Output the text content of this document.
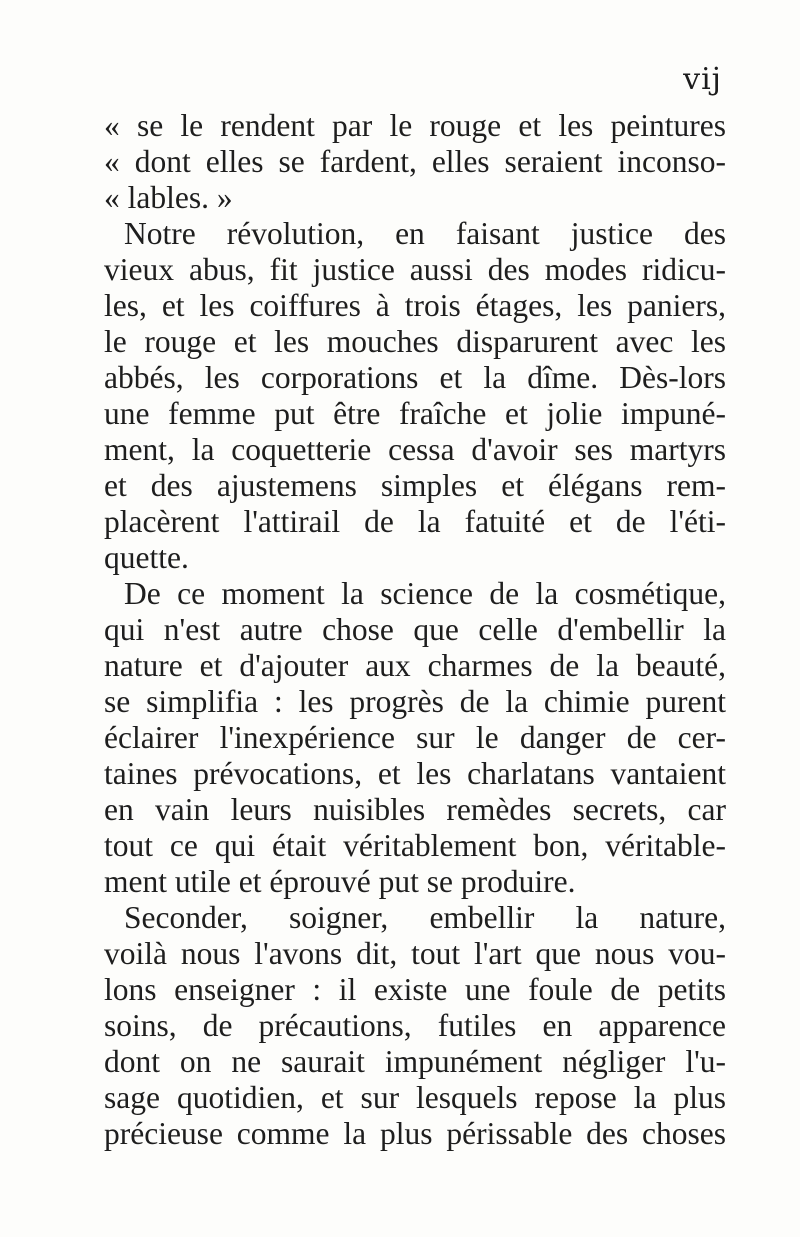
vij
« se le rendent par le rouge et les peintures
« dont elles se fardent, elles seraient inconso-
« lables. »
Notre révolution, en faisant justice des
vieux abus, fit justice aussi des modes ridicu-
les, et les coiffures à trois étages, les paniers,
le rouge et les mouches disparurent avec les
abbés, les corporations et la dîme. Dès-lors
une femme put être fraîche et jolie impuné-
ment, la coquetterie cessa d'avoir ses martyrs
et des ajustemens simples et élégans rem-
placèrent l'attirail de la fatuité et de l'éti-
quette.
De ce moment la science de la cosmétique,
qui n'est autre chose que celle d'embellir la
nature et d'ajouter aux charmes de la beauté,
se simplifia : les progrès de la chimie purent
éclairer l'inexpérience sur le danger de cer-
taines prévocations, et les charlatans vantaient
en vain leurs nuisibles remèdes secrets, car
tout ce qui était véritablement bon, véritable-
ment utile et éprouvé put se produire.
Seconder, soigner, embellir la nature,
voilà nous l'avons dit, tout l'art que nous vou-
lons enseigner : il existe une foule de petits
soins, de précautions, futiles en apparence
dont on ne saurait impunément négliger l'u-
sage quotidien, et sur lesquels repose la plus
précieuse comme la plus périssable des choses
